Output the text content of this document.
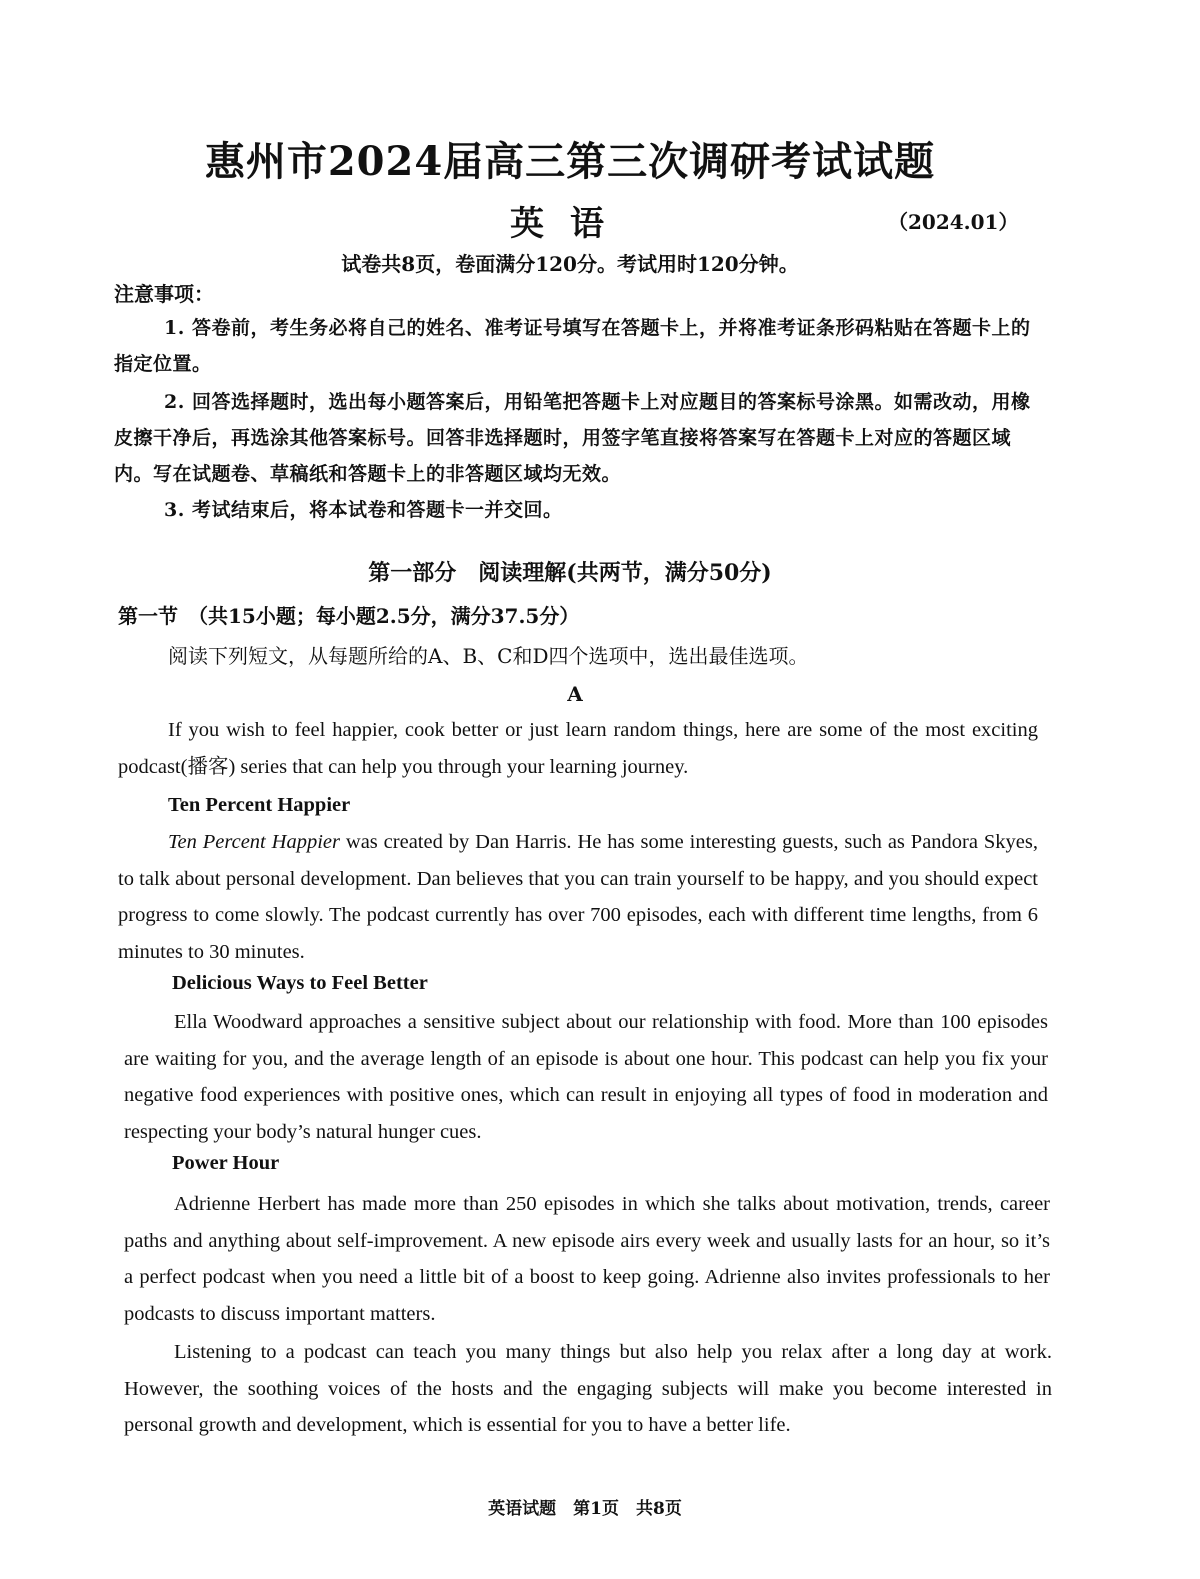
惠州市2024届高三第三次调研考试试题
英语	（2024.01）
试卷共8页，卷面满分120分。考试用时120分钟。
注意事项：

1. 答卷前，考生务必将自己的姓名、准考证号填写在答题卡上，并将准考证条形码粘贴在答题卡上的指定位置。

2. 回答选择题时，选出每小题答案后，用铅笔把答题卡上对应题目的答案标号涂黑。如需改动，用橡皮擦干净后，再选涂其他答案标号。回答非选择题时，用签字笔直接将答案写在答题卡上对应的答题区域内。写在试题卷、草稿纸和答题卡上的非答题区域均无效。

3. 考试结束后，将本试卷和答题卡一并交回。

第一部分　阅读理解(共两节，满分50分)
第一节　（共15小题；每小题2.5分，满分37.5分）
阅读下列短文，从每题所给的A、B、C和D四个选项中，选出最佳选项。
A

If you wish to feel happier, cook better or just learn random things, here are some of the most exciting podcast(播客) series that can help you through your learning journey.

Ten Percent Happier

Ten Percent Happier was created by Dan Harris. He has some interesting guests, such as Pandora Skyes, to talk about personal development. Dan believes that you can train yourself to be happy, and you should expect progress to come slowly. The podcast currently has over 700 episodes, each with different time lengths, from 6 minutes to 30 minutes.

Delicious Ways to Feel Better

Ella Woodward approaches a sensitive subject about our relationship with food. More than 100 episodes are waiting for you, and the average length of an episode is about one hour. This podcast can help you fix your negative food experiences with positive ones, which can result in enjoying all types of food in moderation and respecting your body’s natural hunger cues.

Power Hour

Adrienne Herbert has made more than 250 episodes in which she talks about motivation, trends, career paths and anything about self-improvement. A new episode airs every week and usually lasts for an hour, so it’s a perfect podcast when you need a little bit of a boost to keep going. Adrienne also invites professionals to her podcasts to discuss important matters.

Listening to a podcast can teach you many things but also help you relax after a long day at work. However, the soothing voices of the hosts and the engaging subjects will make you become interested in personal growth and development, which is essential for you to have a better life.

英语试题　第1页　共8页
